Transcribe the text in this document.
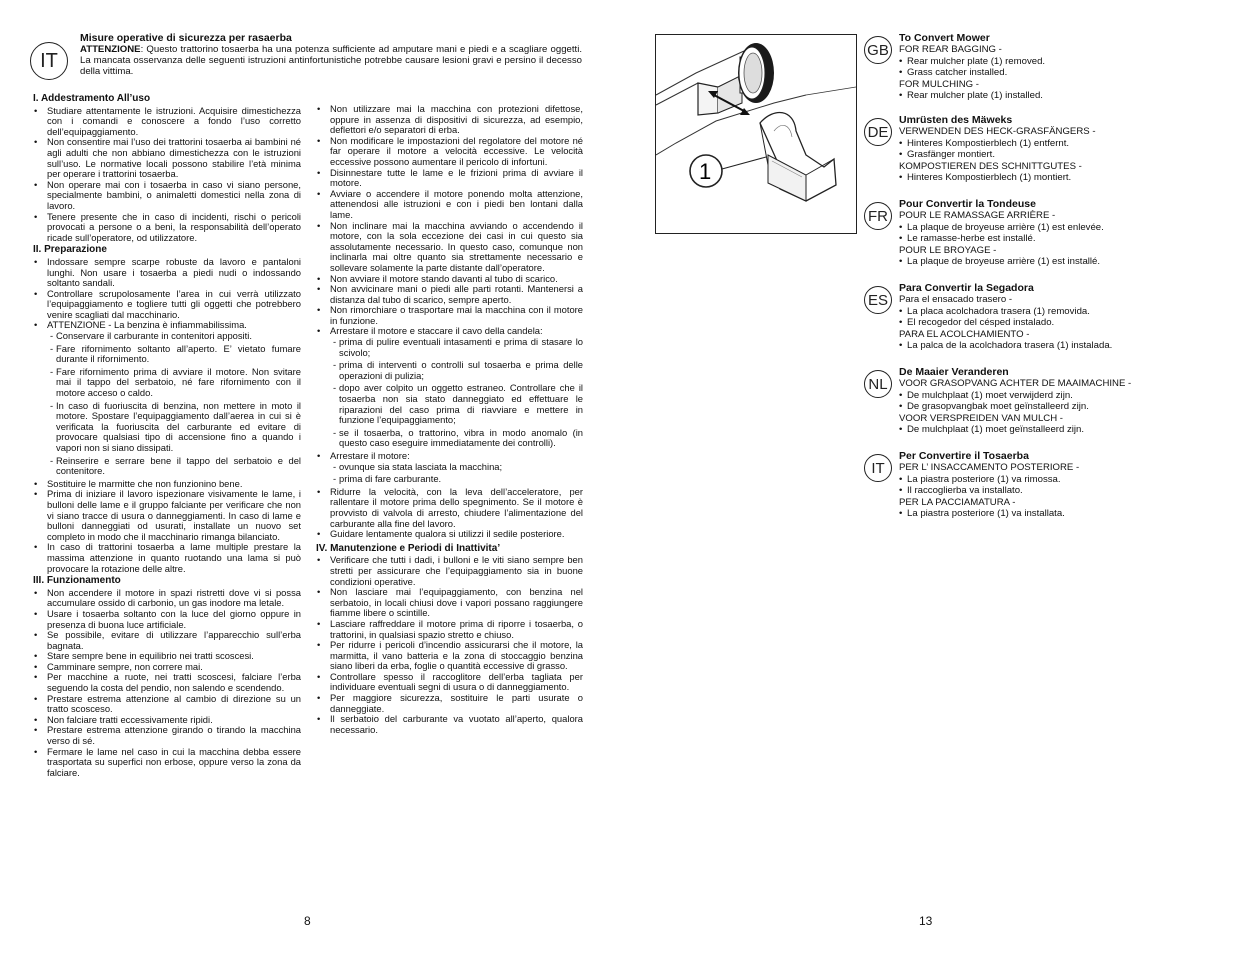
IT
Misure operative di sicurezza per rasaerba
ATTENZIONE: Questo trattorino tosaerba ha una potenza sufficiente ad amputare mani e piedi e a scagliare oggetti. La mancata osservanza delle seguenti istruzioni antinfortunistiche potrebbe causare lesioni gravi e persino il decesso della vittima.
I. Addestramento All’uso
• Studiare attentamente le istruzioni. Acquisire dimestichezza con i comandi e conoscere a fondo l’uso corretto dell’equipaggiamento.
• Non consentire mai l’uso dei trattorini tosaerba ai bambini né agli adulti che non abbiano dimestichezza con le istruzioni sull’uso. Le normative locali possono stabilire l’età minima per operare i trattorini tosaerba.
• Non operare mai con i tosaerba in caso vi siano persone, specialmente bambini, o animaletti domestici nella zona di lavoro.
• Tenere presente che in caso di incidenti, rischi o pericoli provocati a persone o a beni, la responsabilità dell’operato ricade sull’operatore, od utilizzatore.
II. Preparazione
• Indossare sempre scarpe robuste da lavoro e pantaloni lunghi. Non usare i tosaerba a piedi nudi o indossando soltanto sandali.
• Controllare scrupolosamente l’area in cui verrà utilizzato l’equipaggiamento e togliere tutti gli oggetti che potrebbero venire scagliati dal macchinario.
• ATTENZIONE - La benzina è infiammabilissima.
- Conservare il carburante in contenitori appositi.
- Fare rifornimento soltanto all’aperto. E’ vietato fumare durante il rifornimento.
- Fare rifornimento prima di avviare il motore. Non svitare mai il tappo del serbatoio, né fare rifornimento con il motore acceso o caldo.
- In caso di fuoriuscita di benzina, non mettere in moto il motore. Spostare l’equipaggiamento dall’aerea in cui si è verificata la fuoriuscita del carburante ed evitare di provocare qualsiasi tipo di accensione fino a quando i vapori non si siano dissipati.
- Reinserire e serrare bene il tappo del serbatoio e del contenitore.
• Sostituire le marmitte che non funzionino bene.
• Prima di iniziare il lavoro ispezionare visivamente le lame, i bulloni delle lame e il gruppo falciante per verificare che non vi siano tracce di usura o danneggiamenti. In caso di lame e bulloni danneggiati od usurati, installate un nuovo set completo in modo che il macchinario rimanga bilanciato.
• In caso di trattorini tosaerba a lame multiple prestare la massima attenzione in quanto ruotando una lama si può provocare la rotazione delle altre.
III. Funzionamento
• Non accendere il motore in spazi ristretti dove vi si possa accumulare ossido di carbonio, un gas inodore ma letale.
• Usare i tosaerba soltanto con la luce del giorno oppure in presenza di buona luce artificiale.
• Se possibile, evitare di utilizzare l’apparecchio sull’erba bagnata.
• Stare sempre bene in equilibrio nei tratti scoscesi.
• Camminare sempre, non correre mai.
• Per macchine a ruote, nei tratti scoscesi, falciare l’erba seguendo la costa del pendio, non salendo e scendendo.
• Prestare estrema attenzione al cambio di direzione su un tratto scosceso.
• Non falciare tratti eccessivamente ripidi.
• Prestare estrema attenzione girando o tirando la macchina verso di sé.
• Fermare le lame nel caso in cui la macchina debba essere trasportata su superfici non erbose, oppure verso la zona da falciare.
• Non utilizzare mai la macchina con protezioni difettose, oppure in assenza di dispositivi di sicurezza, ad esempio, deflettori e/o separatori di erba.
• Non modificare le impostazioni del regolatore del motore né far operare il motore a velocità eccessive. Le velocità eccessive possono aumentare il pericolo di infortuni.
• Disinnestare tutte le lame e le frizioni prima di avviare il motore.
• Avviare o accendere il motore ponendo molta attenzione, attenendosi alle istruzioni e con i piedi ben lontani dalla lame.
• Non inclinare mai la macchina avviando o accendendo il motore, con la sola eccezione dei casi in cui questo sia assolutamente necessario. In questo caso, comunque non inclinarla mai oltre quanto sia strettamente necessario e sollevare solamente la parte distante dall’operatore.
• Non avviare il motore stando davanti al tubo di scarico.
• Non avvicinare mani o piedi alle parti rotanti. Mantenersi a distanza dal tubo di scarico, sempre aperto.
• Non rimorchiare o trasportare mai la macchina con il motore in funzione.
• Arrestare il motore e staccare il cavo della candela:
- prima di pulire eventuali intasamenti e prima di stasare lo scivolo;
- prima di interventi o controlli sul tosaerba e prima delle operazioni di pulizia;
- dopo aver colpito un oggetto estraneo. Controllare che il tosaerba non sia stato danneggiato ed effettuare le riparazioni del caso prima di riavviare e mettere in funzione l’equipaggiamento;
- se il tosaerba, o trattorino, vibra in modo anomalo (in questo caso eseguire immediatamente dei controlli).
• Arrestare il motore:
- ovunque sia stata lasciata la macchina;
- prima di fare carburante.
• Ridurre la velocità, con la leva dell’acceleratore, per rallentare il motore prima dello spegnimento. Se il motore è provvisto di valvola di arresto, chiudere l’alimentazione del carburante alla fine del lavoro.
• Guidare lentamente qualora si utilizzi il sedile posteriore.
IV. Manutenzione e Periodi di Inattivita’
• Verificare che tutti i dadi, i bulloni e le viti siano sempre ben stretti per assicurare che l’equipaggiamento sia in buone condizioni operative.
• Non lasciare mai l’equipaggiamento, con benzina nel serbatoio, in locali chiusi dove i vapori possano raggiungere fiamme libere o scintille.
• Lasciare raffreddare il motore prima di riporre i tosaerba, o trattorini, in qualsiasi spazio stretto e chiuso.
• Per ridurre i pericoli d’incendio assicurarsi che il motore, la marmitta, il vano batteria e la zona di stoccaggio benzina siano liberi da erba, foglie o quantità eccessive di grasso.
• Controllare spesso il raccoglitore dell’erba tagliata per individuare eventuali segni di usura o di danneggiamento.
• Per maggiore sicurezza, sostituire le parti usurate o danneggiate.
• Il serbatoio del carburante va vuotato all’aperto, qualora necessario.
8
1
GB
To Convert Mower
FOR REAR BAGGING -
• Rear mulcher plate (1) removed.
• Grass catcher installed.
FOR MULCHING -
• Rear mulcher plate (1) installed.
DE
Umrüsten des Mäweks
VERWENDEN DES HECK-GRASFÄNGERS -
• Hinteres Kompostierblech (1) entfernt.
• Grasfänger montiert.
KOMPOSTIEREN DES SCHNITTGUTES -
• Hinteres Kompostierblech (1) montiert.
FR
Pour Convertir la Tondeuse
POUR LE RAMASSAGE ARRIÈRE -
• La plaque de broyeuse arrière (1) est enlevée.
• Le ramasse-herbe est installé.
POUR LE BROYAGE -
• La plaque de broyeuse arrière (1) est installé.
ES
Para Convertir la Segadora
Para el ensacado trasero -
• La placa acolchadora trasera (1) removida.
• El recogedor del césped instalado.
PARA EL ACOLCHAMIENTO -
• La palca de la acolchadora trasera (1) instalada.
NL
De Maaier Veranderen
VOOR GRASOPVANG ACHTER DE MAAIMACHINE -
• De mulchplaat (1) moet verwijderd zijn.
• De grasopvangbak moet geïnstalleerd zijn.
VOOR VERSPREIDEN VAN MULCH -
• De mulchplaat (1) moet geïnstalleerd zijn.
IT
Per Convertire il Tosaerba
PER L’ INSACCAMENTO POSTERIORE -
• La piastra posteriore (1) va rimossa.
• Il raccoglierba va installato.
PER LA PACCIAMATURA -
• La piastra posteriore (1) va installata.
13
